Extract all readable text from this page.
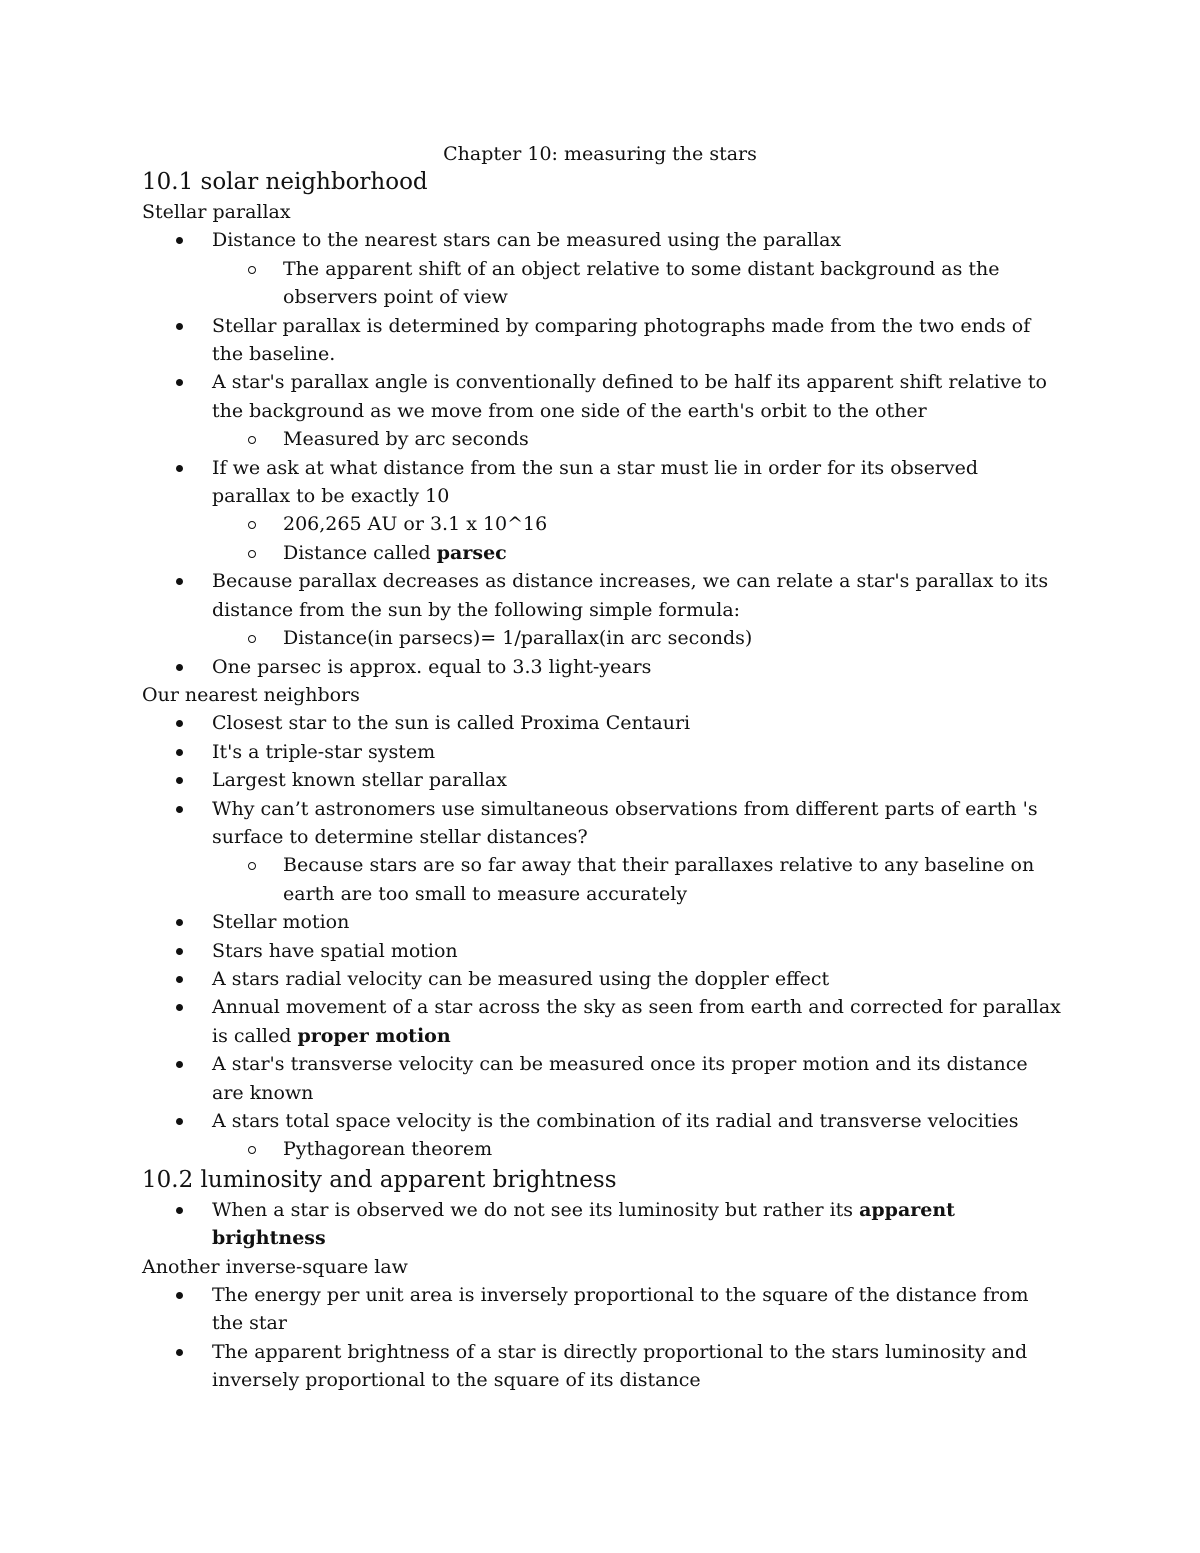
Chapter 10: measuring the stars
10.1 solar neighborhood

Stellar parallax

Distance to the nearest stars can be measured using the parallax
The apparent shift of an object relative to some distant background as the observers point of view
Stellar parallax is determined by comparing photographs made from the two ends of the baseline.
A star's parallax angle is conventionally defined to be half its apparent shift relative to the background as we move from one side of the earth's orbit to the other
Measured by arc seconds
If we ask at what distance from the sun a star must lie in order for its observed parallax to be exactly 10
206,265 AU or 3.1 x 10^16
Distance called parsec
Because parallax decreases as distance increases, we can relate a star's parallax to its distance from the sun by the following simple formula:
Distance(in parsecs)= 1/parallax(in arc seconds)
One parsec is approx. equal to 3.3 light-years

Our nearest neighbors

Closest star to the sun is called Proxima Centauri
It's a triple-star system
Largest known stellar parallax
Why can’t astronomers use simultaneous observations from different parts of earth 's surface to determine stellar distances?
Because stars are so far away that their parallaxes relative to any baseline on earth are too small to measure accurately
Stellar motion
Stars have spatial motion
A stars radial velocity can be measured using the doppler effect
Annual movement of a star across the sky as seen from earth and corrected for parallax is called proper motion
A star's transverse velocity can be measured once its proper motion and its distance are known
A stars total space velocity is the combination of its radial and transverse velocities
Pythagorean theorem
10.2 luminosity and apparent brightness
When a star is observed we do not see its luminosity but rather its apparent brightness

Another inverse-square law

The energy per unit area is inversely proportional to the square of the distance from the star
The apparent brightness of a star is directly proportional to the stars luminosity and inversely proportional to the square of its distance
